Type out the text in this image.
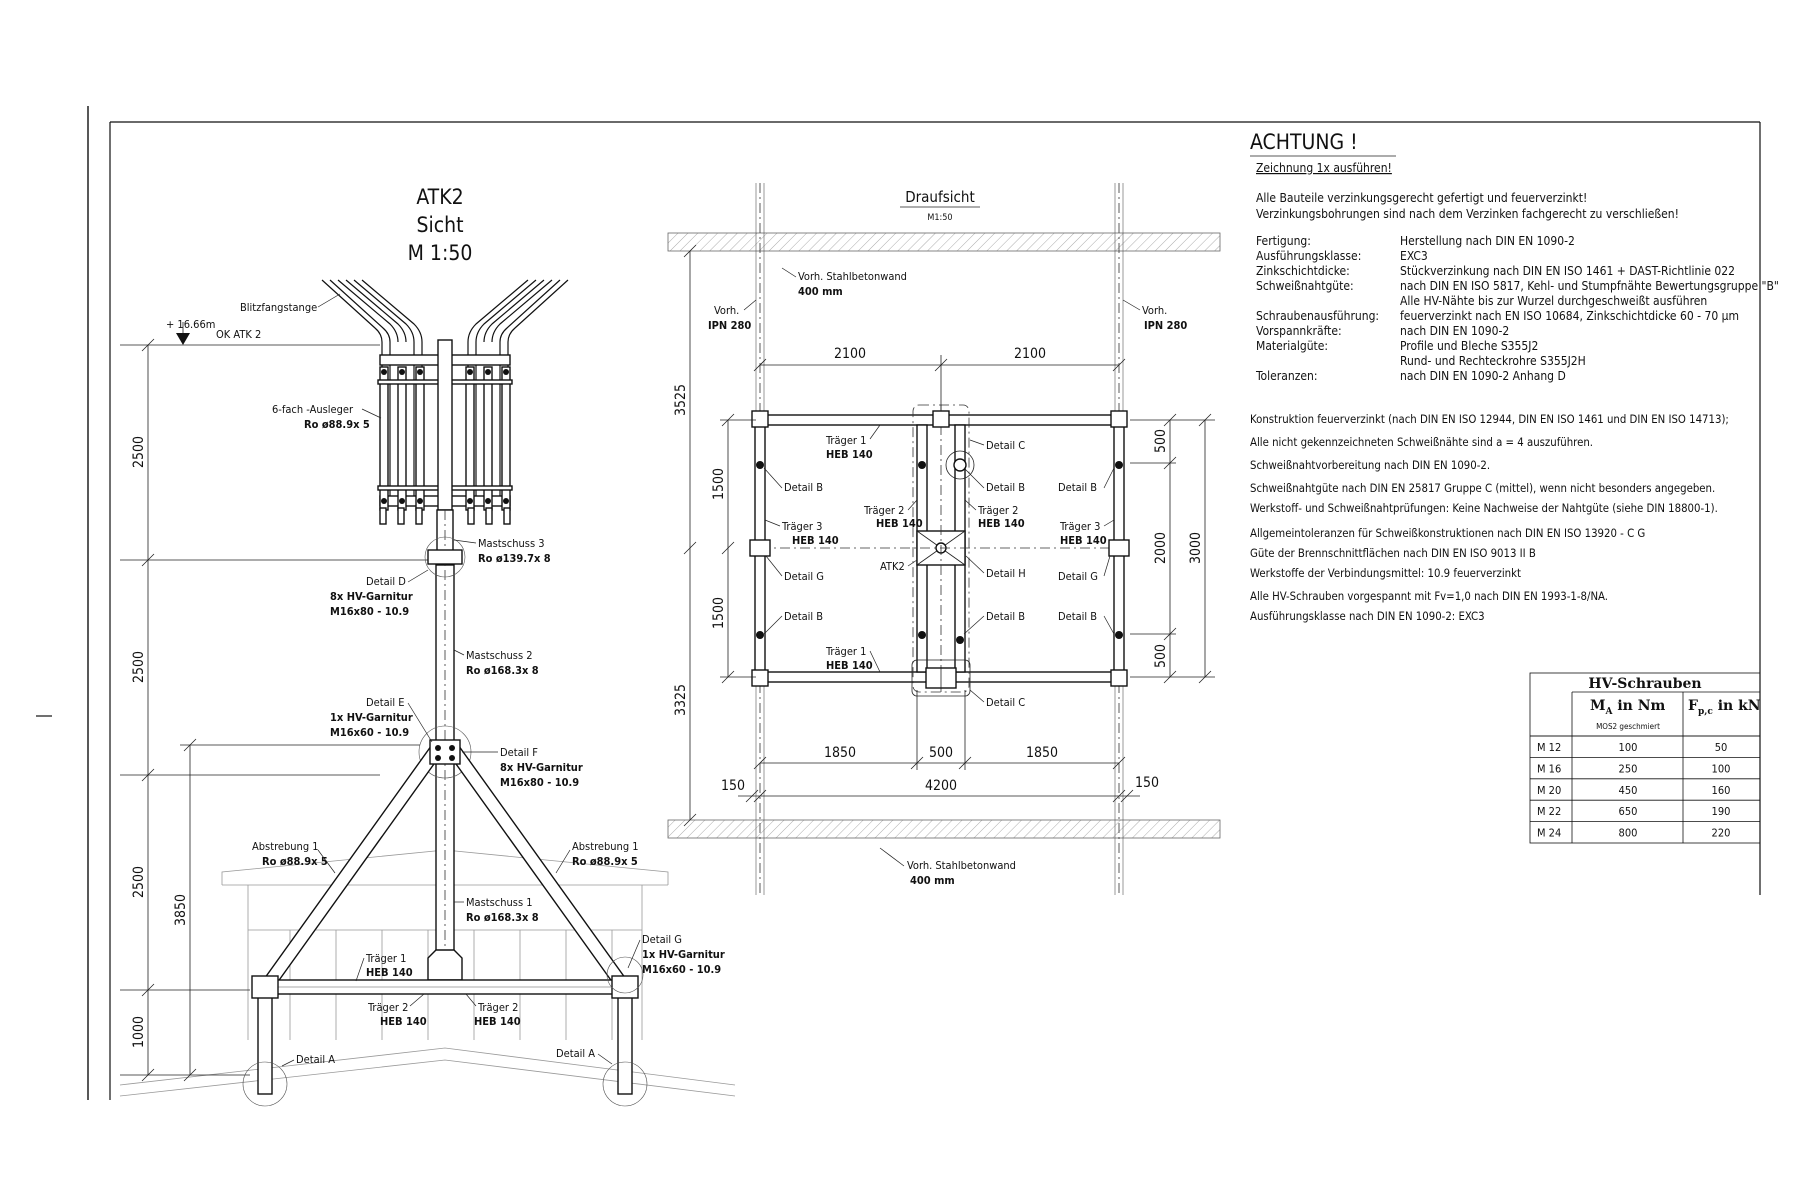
ATK2
Sicht
M 1:50
+ 16.66m
OK ATK 2
2500
2500
2500
1000
3850
Blitzfangstange
6-fach -Ausleger
Ro ø88.9x 5
Mastschuss 3
Ro ø139.7x 8
Detail D
8x HV-Garnitur
M16x80 - 10.9
Mastschuss 2
Ro ø168.3x 8
Detail E
1x HV-Garnitur
M16x60 - 10.9
Detail F
8x HV-Garnitur
M16x80 - 10.9
Abstrebung 1
Ro ø88.9x 5
Abstrebung 1
Ro ø88.9x 5
Mastschuss 1
Ro ø168.3x 8
Detail G
1x HV-Garnitur
M16x60 - 10.9
Träger 1
HEB 140
Träger 2
HEB 140
Träger 2
HEB 140
Detail A	Detail A
Draufsicht
M1:50
2100	2100
3525
3325
1500
1500
500
2000
500
3000
1850	500	1850
4200
150	150
Vorh. Stahlbetonwand
400 mm
Vorh. Stahlbetonwand
400 mm
Vorh.
IPN 280
Vorh.
IPN 280
Träger 1
HEB 140
Träger 1
HEB 140
Träger 2
HEB 140
Träger 2
HEB 140
Träger 3
HEB 140
Träger 3
HEB 140
Detail C
Detail C
Detail B	Detail B	Detail B
Detail B	Detail B	Detail B
Detail G	Detail G
Detail H
ATK2
ACHTUNG !
Zeichnung 1x ausführen!
Alle Bauteile verzinkungsgerecht gefertigt und feuerverzinkt!
Verzinkungsbohrungen sind nach dem Verzinken fachgerecht zu verschließen!
Fertigung:	Herstellung nach DIN EN 1090-2
Ausführungsklasse:	EXC3
Zinkschichtdicke:	Stückverzinkung nach DIN EN ISO 1461 + DAST-Richtlinie 022
Schweißnahtgüte:	nach DIN EN ISO 5817, Kehl- und Stumpfnähte Bewertungsgruppe "B"
Alle HV-Nähte bis zur Wurzel durchgeschweißt ausführen
Schraubenausführung: feuerverzinkt nach EN ISO 10684, Zinkschichtdicke 60 - 70 µm
Vorspannkräfte:	nach DIN EN 1090-2
Materialgüte:	Profile und Bleche S355J2
Rund- und Rechteckrohre S355J2H
Toleranzen:	nach DIN EN 1090-2 Anhang D
Konstruktion feuerverzinkt (nach DIN EN ISO 12944, DIN EN ISO 1461 und DIN EN ISO 14713);
Alle nicht gekennzeichneten Schweißnähte sind a = 4 auszuführen.
Schweißnahtvorbereitung nach DIN EN 1090-2.
Schweißnahtgüte nach DIN EN 25817 Gruppe C (mittel), wenn nicht besonders angegeben.
Werkstoff- und Schweißnahtprüfungen: Keine Nachweise der Nahtgüte (siehe DIN 18800-1).
Allgemeintoleranzen für Schweißkonstruktionen nach DIN EN ISO 13920 - C G
Güte der Brennschnittflächen nach DIN EN ISO 9013 II B
Werkstoffe der Verbindungsmittel: 10.9 feuerverzinkt
Alle HV-Schrauben vorgespannt mit Fv=1,0 nach DIN EN 1993-1-8/NA.
Ausführungsklasse nach DIN EN 1090-2: EXC3
HV-Schrauben
$M_A$ in Nm
MOS2 geschmiert
$F_{p,c}$ in kN
M 12	100	50
M 16	250	100
M 20	450	160
M 22	650	190
M 24	800	220
